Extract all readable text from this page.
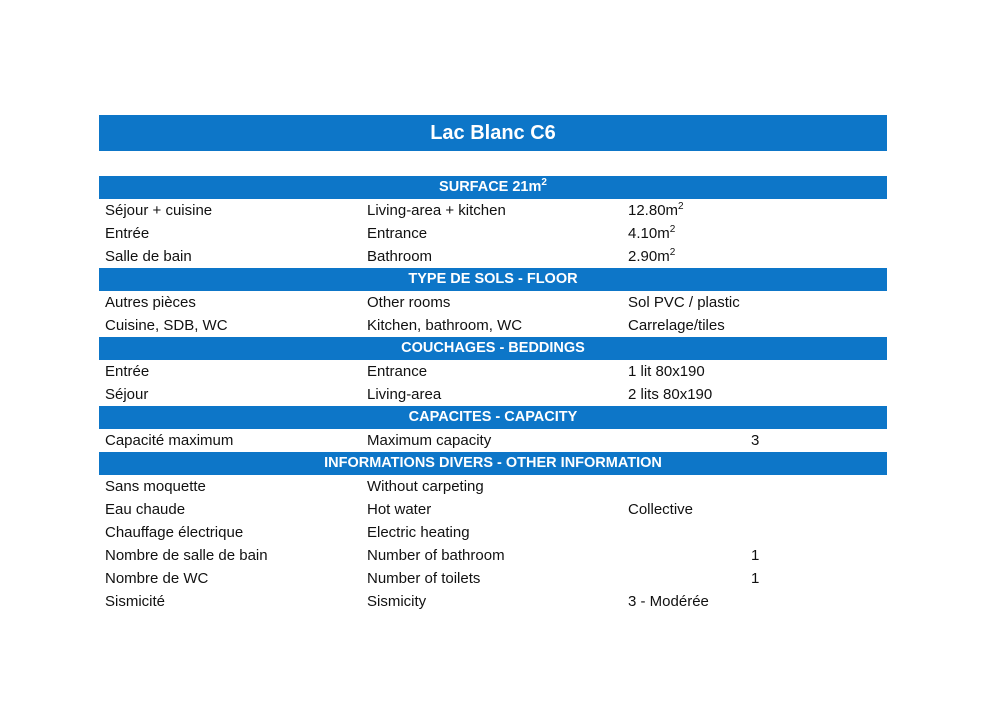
Lac Blanc C6
SURFACE $21m^2$
Séjour + cuisine	Living-area + kitchen	$12.80m^2$
Entrée	Entrance	$4.10m^2$
Salle de bain	Bathroom	$2.90m^2$
TYPE DE SOLS - FLOOR
Autres pièces	Other rooms	Sol PVC / plastic
Cuisine, SDB, WC	Kitchen, bathroom, WC	Carrelage/tiles
COUCHAGES - BEDDINGS
Entrée	Entrance	1 lit 80x190
Séjour	Living-area	2 lits 80x190
CAPACITES - CAPACITY
Capacité maximum	Maximum capacity	3
INFORMATIONS DIVERS - OTHER INFORMATION
Sans moquette	Without carpeting
Eau chaude	Hot water	Collective
Chauffage électrique	Electric heating
Nombre de salle de bain	Number of bathroom	1
Nombre de WC	Number of toilets	1
Sismicité	Sismicity	3 - Modérée
